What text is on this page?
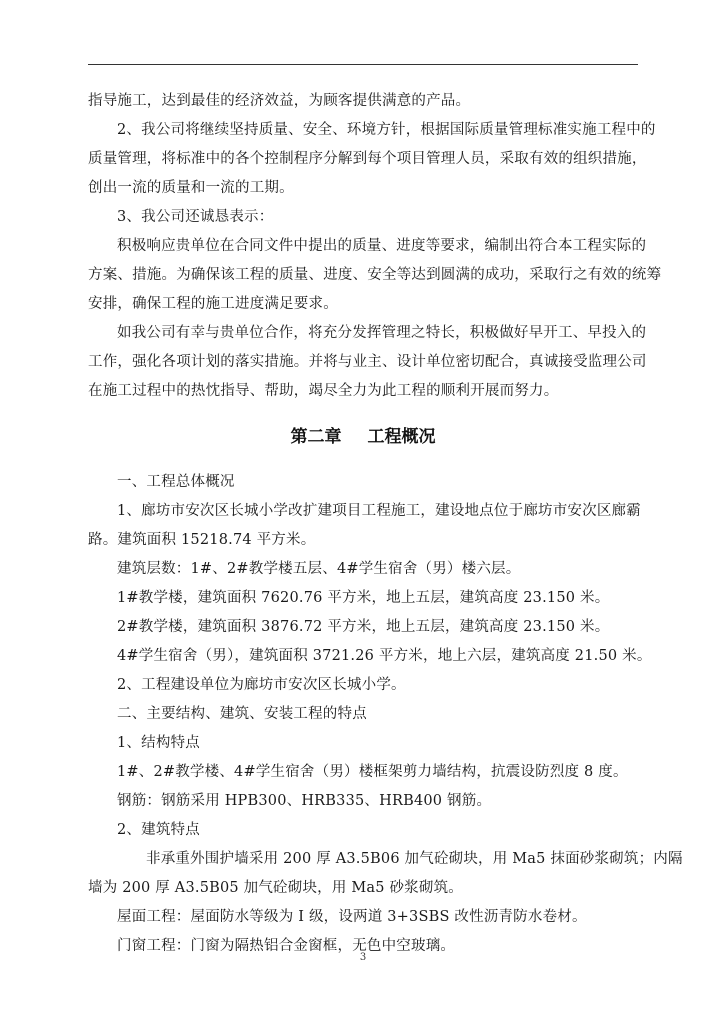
指导施工，达到最佳的经济效益，为顾客提供满意的产品。
2、我公司将继续坚持质量、安全、环境方针，根据国际质量管理标准实施工程中的
质量管理，将标准中的各个控制程序分解到每个项目管理人员，采取有效的组织措施，
创出一流的质量和一流的工期。
3、我公司还诚恳表示：
积极响应贵单位在合同文件中提出的质量、进度等要求，编制出符合本工程实际的
方案、措施。为确保该工程的质量、进度、安全等达到圆满的成功，采取行之有效的统筹
安排，确保工程的施工进度满足要求。
如我公司有幸与贵单位合作，将充分发挥管理之特长，积极做好早开工、早投入的
工作，强化各项计划的落实措施。并将与业主、设计单位密切配合，真诚接受监理公司
在施工过程中的热忱指导、帮助，竭尽全力为此工程的顺利开展而努力。
第二章 工程概况
一、工程总体概况
1、廊坊市安次区长城小学改扩建项目工程施工，建设地点位于廊坊市安次区廊霸
路。建筑面积 15218.74 平方米。
建筑层数：1#、2#教学楼五层、4#学生宿舍（男）楼六层。
1#教学楼，建筑面积 7620.76 平方米，地上五层，建筑高度 23.150 米。
2#教学楼，建筑面积 3876.72 平方米，地上五层，建筑高度 23.150 米。
4#学生宿舍（男），建筑面积 3721.26 平方米，地上六层，建筑高度 21.50 米。
2、工程建设单位为廊坊市安次区长城小学。
二、主要结构、建筑、安装工程的特点
1、结构特点
1#、2#教学楼、4#学生宿舍（男）楼框架剪力墙结构，抗震设防烈度 8 度。
钢筋：钢筋采用 HPB300、HRB335、HRB400 钢筋。
2、建筑特点
非承重外围护墙采用 200 厚 A3.5B06 加气砼砌块，用 Ma5 抹面砂浆砌筑；内隔
墙为 200 厚 A3.5B05 加气砼砌块，用 Ma5 砂浆砌筑。
屋面工程：屋面防水等级为 I 级，设两道 3+3SBS 改性沥青防水卷材。
门窗工程：门窗为隔热铝合金窗框，无色中空玻璃。
3
